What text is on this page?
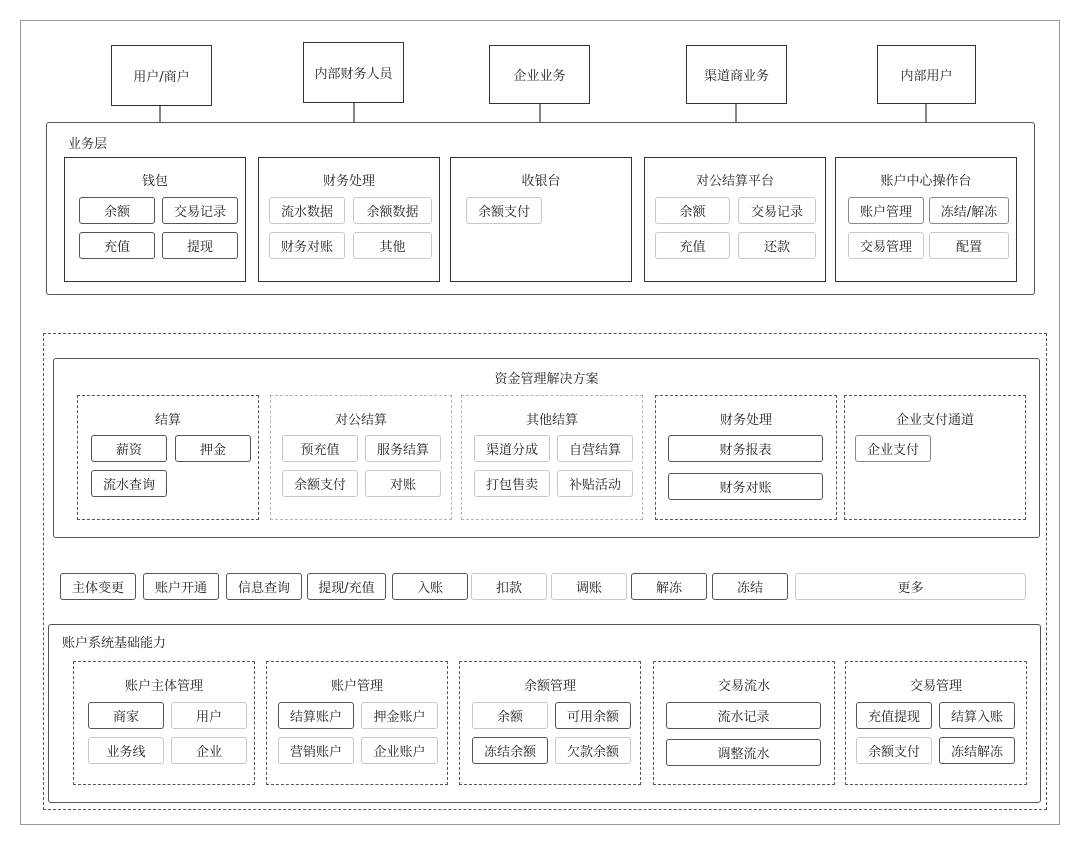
用户/商户	内部财务人员	企业业务	渠道商业务	内部用户
业务层
钱包
余额	交易记录
充值	提现
财务处理
流水数据	余额数据
财务对账	其他
收银台
余额支付
对公结算平台
余额	交易记录
充值	还款
账户中心操作台
账户管理	冻结/解冻
交易管理	配置
资金管理解决方案
结算
薪资	押金
流水查询
对公结算
预充值	服务结算
余额支付	对账
其他结算
渠道分成	自营结算
打包售卖	补贴活动
财务处理
财务报表
财务对账
企业支付通道
企业支付
主体变更	账户开通	信息查询	提现/充值	入账	扣款	调账	解冻	冻结	更多
账户系统基础能力
账户主体管理
商家	用户
业务线	企业
账户管理
结算账户	押金账户
营销账户	企业账户
余额管理
余额	可用余额
冻结余额	欠款余额
交易流水
流水记录
调整流水
交易管理
充值提现	结算入账
余额支付	冻结解冻
